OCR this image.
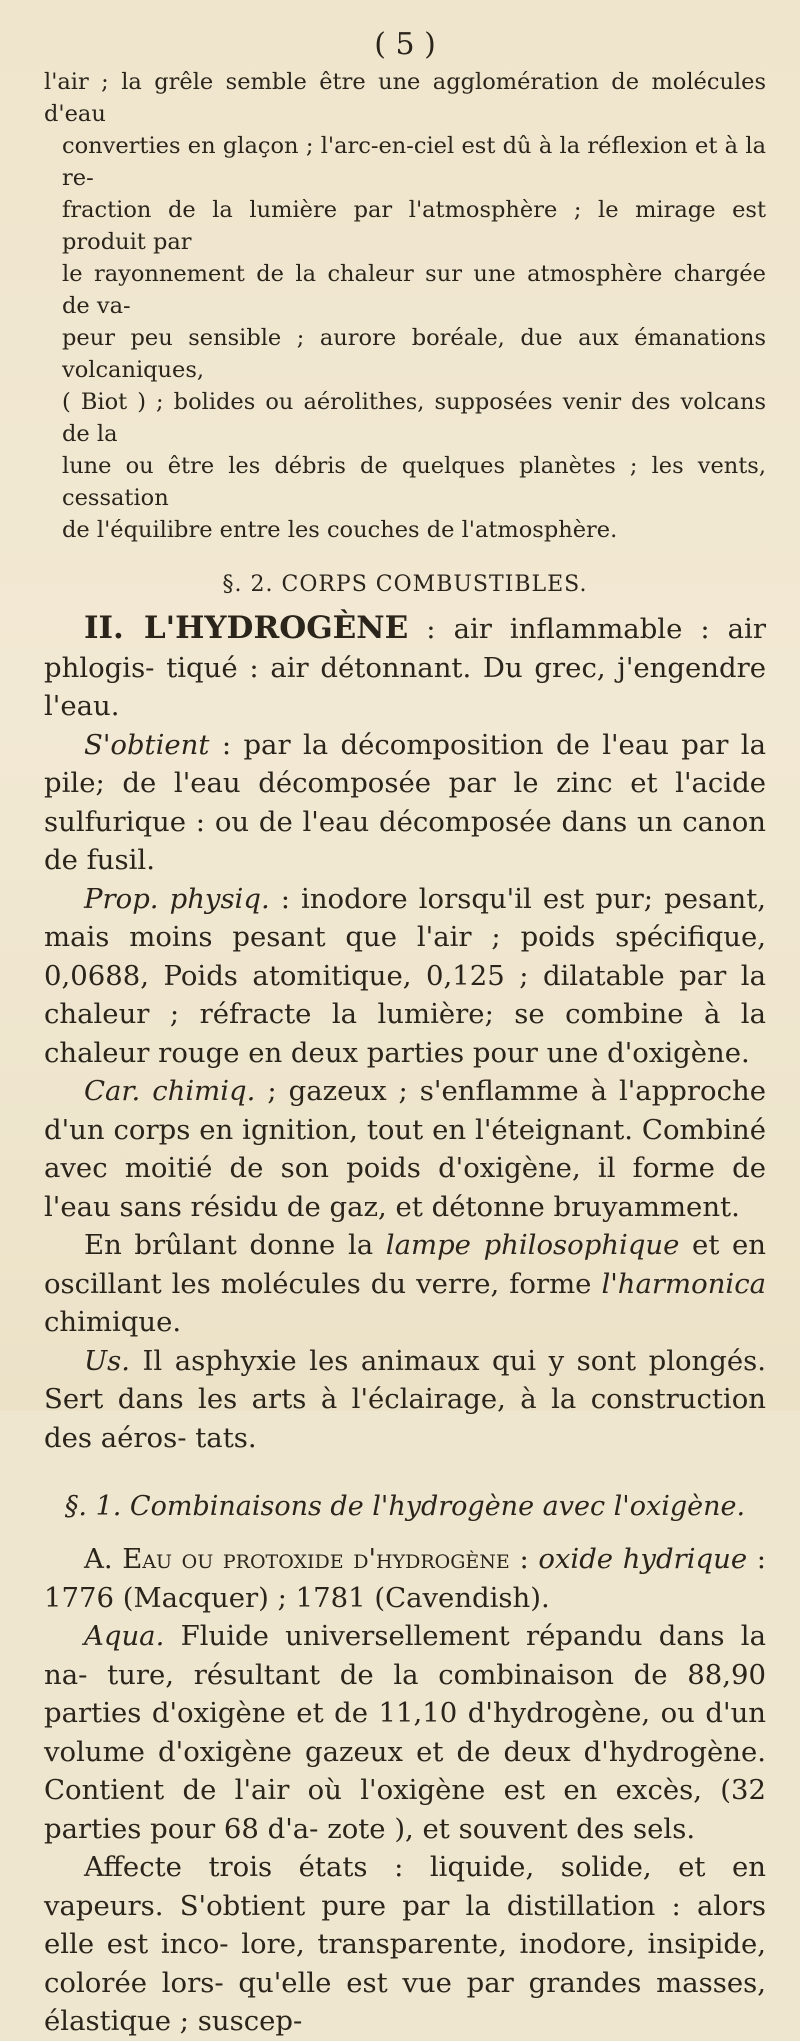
( 5 )

l'air ; la grêle semble être une agglomération de molécules d'eau

converties en glaçon ; l'arc-en-ciel est dû à la réflexion et à la re-

fraction de la lumière par l'atmosphère ; le mirage est produit par

le rayonnement de la chaleur sur une atmosphère chargée de va-

peur peu sensible ; aurore boréale, due aux émanations volcaniques,

( Biot ) ; bolides ou aérolithes, supposées venir des volcans de la

lune ou être les débris de quelques planètes ; les vents, cessation

de l'équilibre entre les couches de l'atmosphère.

§. 2. CORPS COMBUSTIBLES.

II. L'HYDROGÈNE : air inflammable : air phlogis- tiqué : air détonnant. Du grec, j'engendre l'eau.

S'obtient : par la décomposition de l'eau par la pile; de l'eau décomposée par le zinc et l'acide sulfurique : ou de l'eau décomposée dans un canon de fusil.

Prop. physiq. : inodore lorsqu'il est pur; pesant, mais moins pesant que l'air ; poids spécifique, 0,0688, Poids atomitique, 0,125 ; dilatable par la chaleur ; réfracte la lumière; se combine à la chaleur rouge en deux parties pour une d'oxigène.

Car. chimiq. ; gazeux ; s'enflamme à l'approche d'un corps en ignition, tout en l'éteignant. Combiné avec moitié de son poids d'oxigène, il forme de l'eau sans résidu de gaz, et détonne bruyamment.

En brûlant donne la lampe philosophique et en oscillant les molécules du verre, forme l'harmonica chimique.

Us. Il asphyxie les animaux qui y sont plongés. Sert dans les arts à l'éclairage, à la construction des aéros- tats.

§. 1. Combinaisons de l'hydrogène avec l'oxigène.

A. Eau ou protoxide d'hydrogène : oxide hydrique : 1776 (Macquer) ; 1781 (Cavendish).

Aqua. Fluide universellement répandu dans la na- ture, résultant de la combinaison de 88,90 parties d'oxigène et de 11,10 d'hydrogène, ou d'un volume d'oxigène gazeux et de deux d'hydrogène. Contient de l'air où l'oxigène est en excès, (32 parties pour 68 d'a- zote ), et souvent des sels.

Affecte trois états : liquide, solide, et en vapeurs. S'obtient pure par la distillation : alors elle est inco- lore, transparente, inodore, insipide, colorée lors- qu'elle est vue par grandes masses, élastique ; suscep-
